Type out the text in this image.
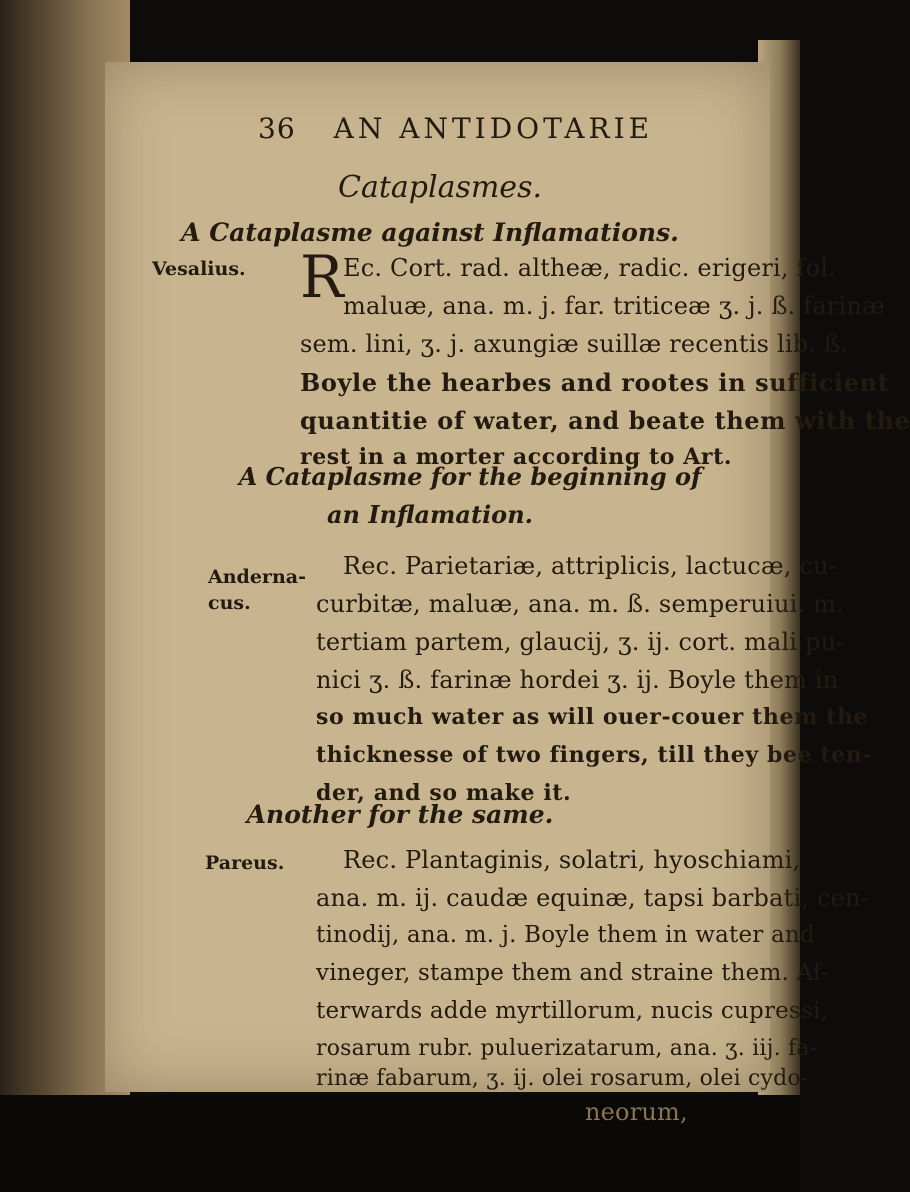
36 AN ANTIDOTARIE
Cataplasmes.
A Cataplasme against Inflamations.
Vesalius. R Ec. Cort. rad. altheæ, radic. erigeri, fol.
maluæ, ana. m. j. far. triticeæ ʒ. j. ß. farinæ
sem. lini, ʒ. j. axungiæ suillæ recentis lib. ß.
Boyle the hearbes and rootes in sufficient
quantitie of water, and beate them with the
rest in a morter according to Art.
A Cataplasme for the beginning of
an Inflamation.
Anderna-
cus.
Rec. Parietariæ, attriplicis, lactucæ, cu-
curbitæ, maluæ, ana. m. ß. semperuiui. m.
tertiam partem, glaucij, ʒ. ij. cort. mali pu-
nici ʒ. ß. farinæ hordei ʒ. ij. Boyle them in
so much water as will ouer-couer them the
thicknesse of two fingers, till they bee ten-
der, and so make it.
Another for the same.
Pareus. Rec. Plantaginis, solatri, hyoschiami,
ana. m. ij. caudæ equinæ, tapsi barbati, cen-
tinodij, ana. m. j. Boyle them in water and
vineger, stampe them and straine them. Af-
terwards adde myrtillorum, nucis cupressi,
rosarum rubr. puluerizatarum, ana. ʒ. iij. fa-
rinæ fabarum, ʒ. ij. olei rosarum, olei cydo-
neorum,
